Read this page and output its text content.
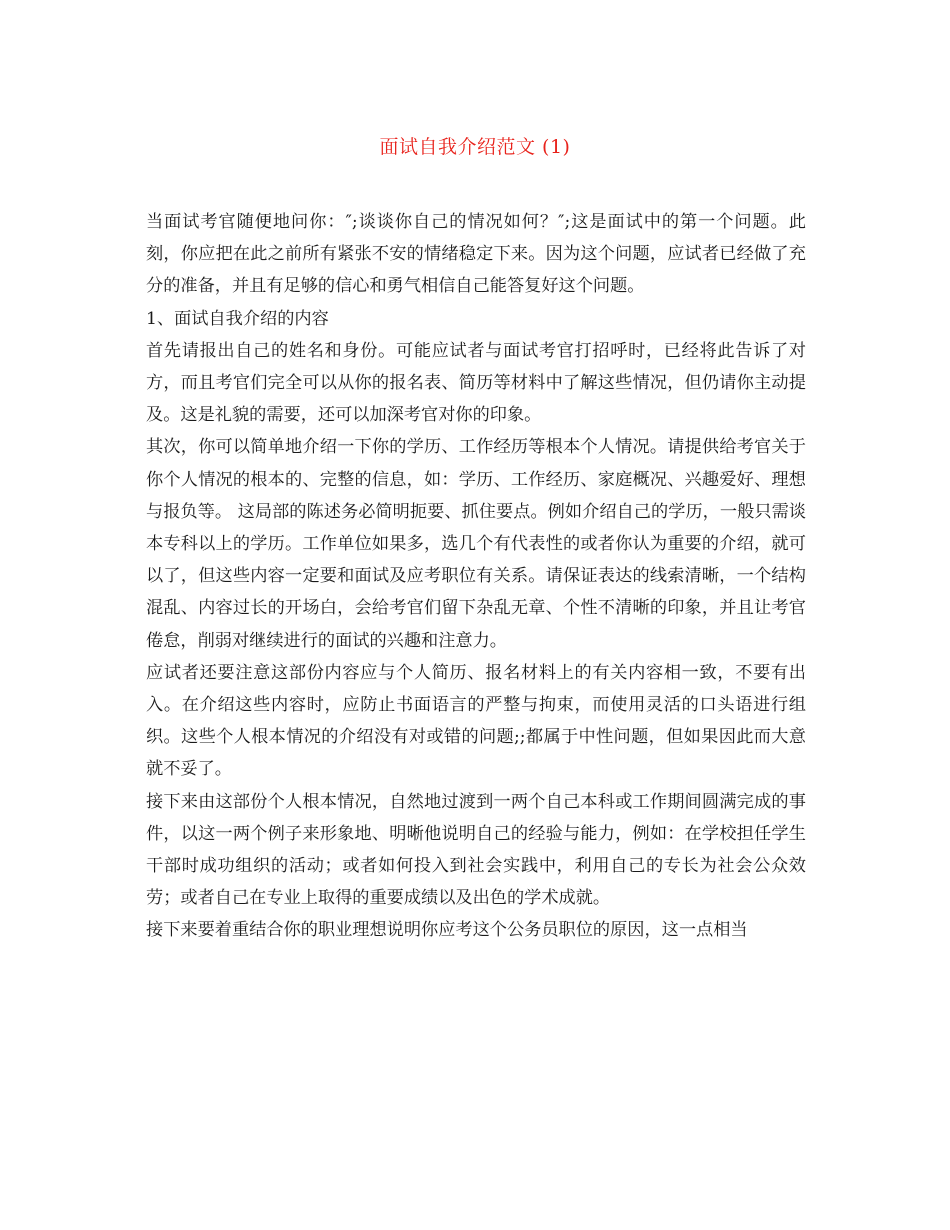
面试自我介绍范文 (1)

当面试考官随便地问你：″;谈谈你自己的情况如何？″;这是面试中的第一个问题。此刻，你应把在此之前所有紧张不安的情绪稳定下来。因为这个问题，应试者已经做了充分的准备，并且有足够的信心和勇气相信自己能答复好这个问题。

1、面试自我介绍的内容

首先请报出自己的姓名和身份。可能应试者与面试考官打招呼时，已经将此告诉了对方，而且考官们完全可以从你的报名表、简历等材料中了解这些情况，但仍请你主动提及。这是礼貌的需要，还可以加深考官对你的印象。

其次，你可以简单地介绍一下你的学历、工作经历等根本个人情况。请提供给考官关于你个人情况的根本的、完整的信息，如：学历、工作经历、家庭概况、兴趣爱好、理想与报负等。 这局部的陈述务必简明扼要、抓住要点。例如介绍自己的学历，一般只需谈本专科以上的学历。工作单位如果多，选几个有代表性的或者你认为重要的介绍，就可以了，但这些内容一定要和面试及应考职位有关系。请保证表达的线索清晰，一个结构混乱、内容过长的开场白，会给考官们留下杂乱无章、个性不清晰的印象，并且让考官倦怠，削弱对继续进行的面试的兴趣和注意力。

应试者还要注意这部份内容应与个人简历、报名材料上的有关内容相一致，不要有出入。在介绍这些内容时，应防止书面语言的严整与拘束，而使用灵活的口头语进行组织。这些个人根本情况的介绍没有对或错的问题;;都属于中性问题，但如果因此而大意就不妥了。

接下来由这部份个人根本情况，自然地过渡到一两个自己本科或工作期间圆满完成的事件，以这一两个例子来形象地、明晰他说明自己的经验与能力，例如：在学校担任学生干部时成功组织的活动；或者如何投入到社会实践中，利用自己的专长为社会公众效劳；或者自己在专业上取得的重要成绩以及出色的学术成就。

接下来要着重结合你的职业理想说明你应考这个公务员职位的原因，这一点相当
